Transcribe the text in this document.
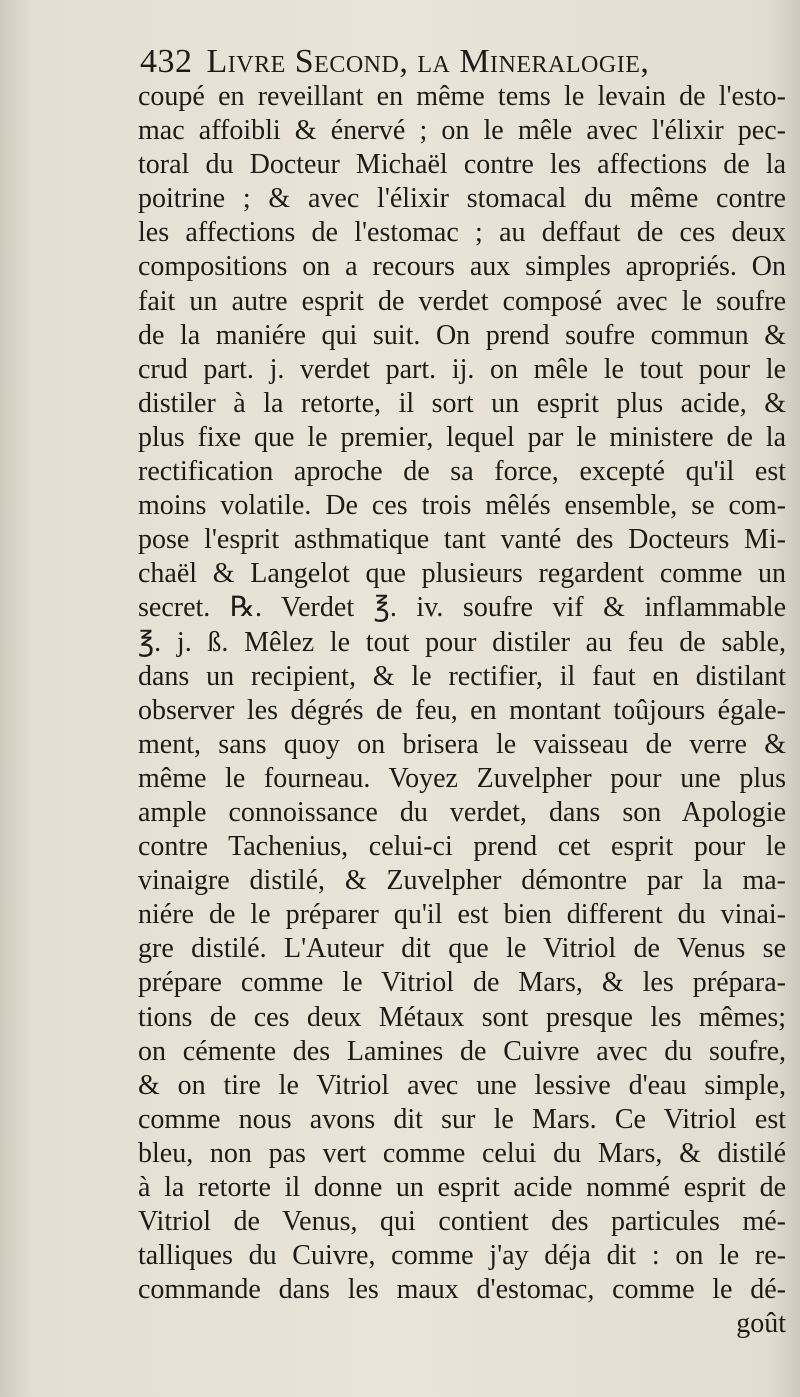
432 Livre Second, la Mineralogie,
coupé en reveillant en même tems le levain de l'esto-
mac affoibli & énervé ; on le mêle avec l'élixir pec-
toral du Docteur Michaël contre les affections de la
poitrine ; & avec l'élixir stomacal du même contre
les affections de l'estomac ; au deffaut de ces deux
compositions on a recours aux simples apropriés. On
fait un autre esprit de verdet composé avec le soufre
de la maniére qui suit. On prend soufre commun &
crud part. j. verdet part. ij. on mêle le tout pour le
distiler à la retorte, il sort un esprit plus acide, &
plus fixe que le premier, lequel par le ministere de la
rectification aproche de sa force, excepté qu'il est
moins volatile. De ces trois mêlés ensemble, se com-
pose l'esprit asthmatique tant vanté des Docteurs Mi-
chaël & Langelot que plusieurs regardent comme un
secret. ℞. Verdet ℥. iv. soufre vif & inflammable
℥. j. ß. Mêlez le tout pour distiler au feu de sable,
dans un recipient, & le rectifier, il faut en distilant
observer les dégrés de feu, en montant toûjours égale-
ment, sans quoy on brisera le vaisseau de verre &
même le fourneau. Voyez Zuvelpher pour une plus
ample connoissance du verdet, dans son Apologie
contre Tachenius, celui-ci prend cet esprit pour le
vinaigre distilé, & Zuvelpher démontre par la ma-
niére de le préparer qu'il est bien different du vinai-
gre distilé. L'Auteur dit que le Vitriol de Venus se
prépare comme le Vitriol de Mars, & les prépara-
tions de ces deux Métaux sont presque les mêmes;
on cémente des Lamines de Cuivre avec du soufre,
& on tire le Vitriol avec une lessive d'eau simple,
comme nous avons dit sur le Mars. Ce Vitriol est
bleu, non pas vert comme celui du Mars, & distilé
à la retorte il donne un esprit acide nommé esprit de
Vitriol de Venus, qui contient des particules mé-
talliques du Cuivre, comme j'ay déja dit : on le re-
commande dans les maux d'estomac, comme le dé-
goût
